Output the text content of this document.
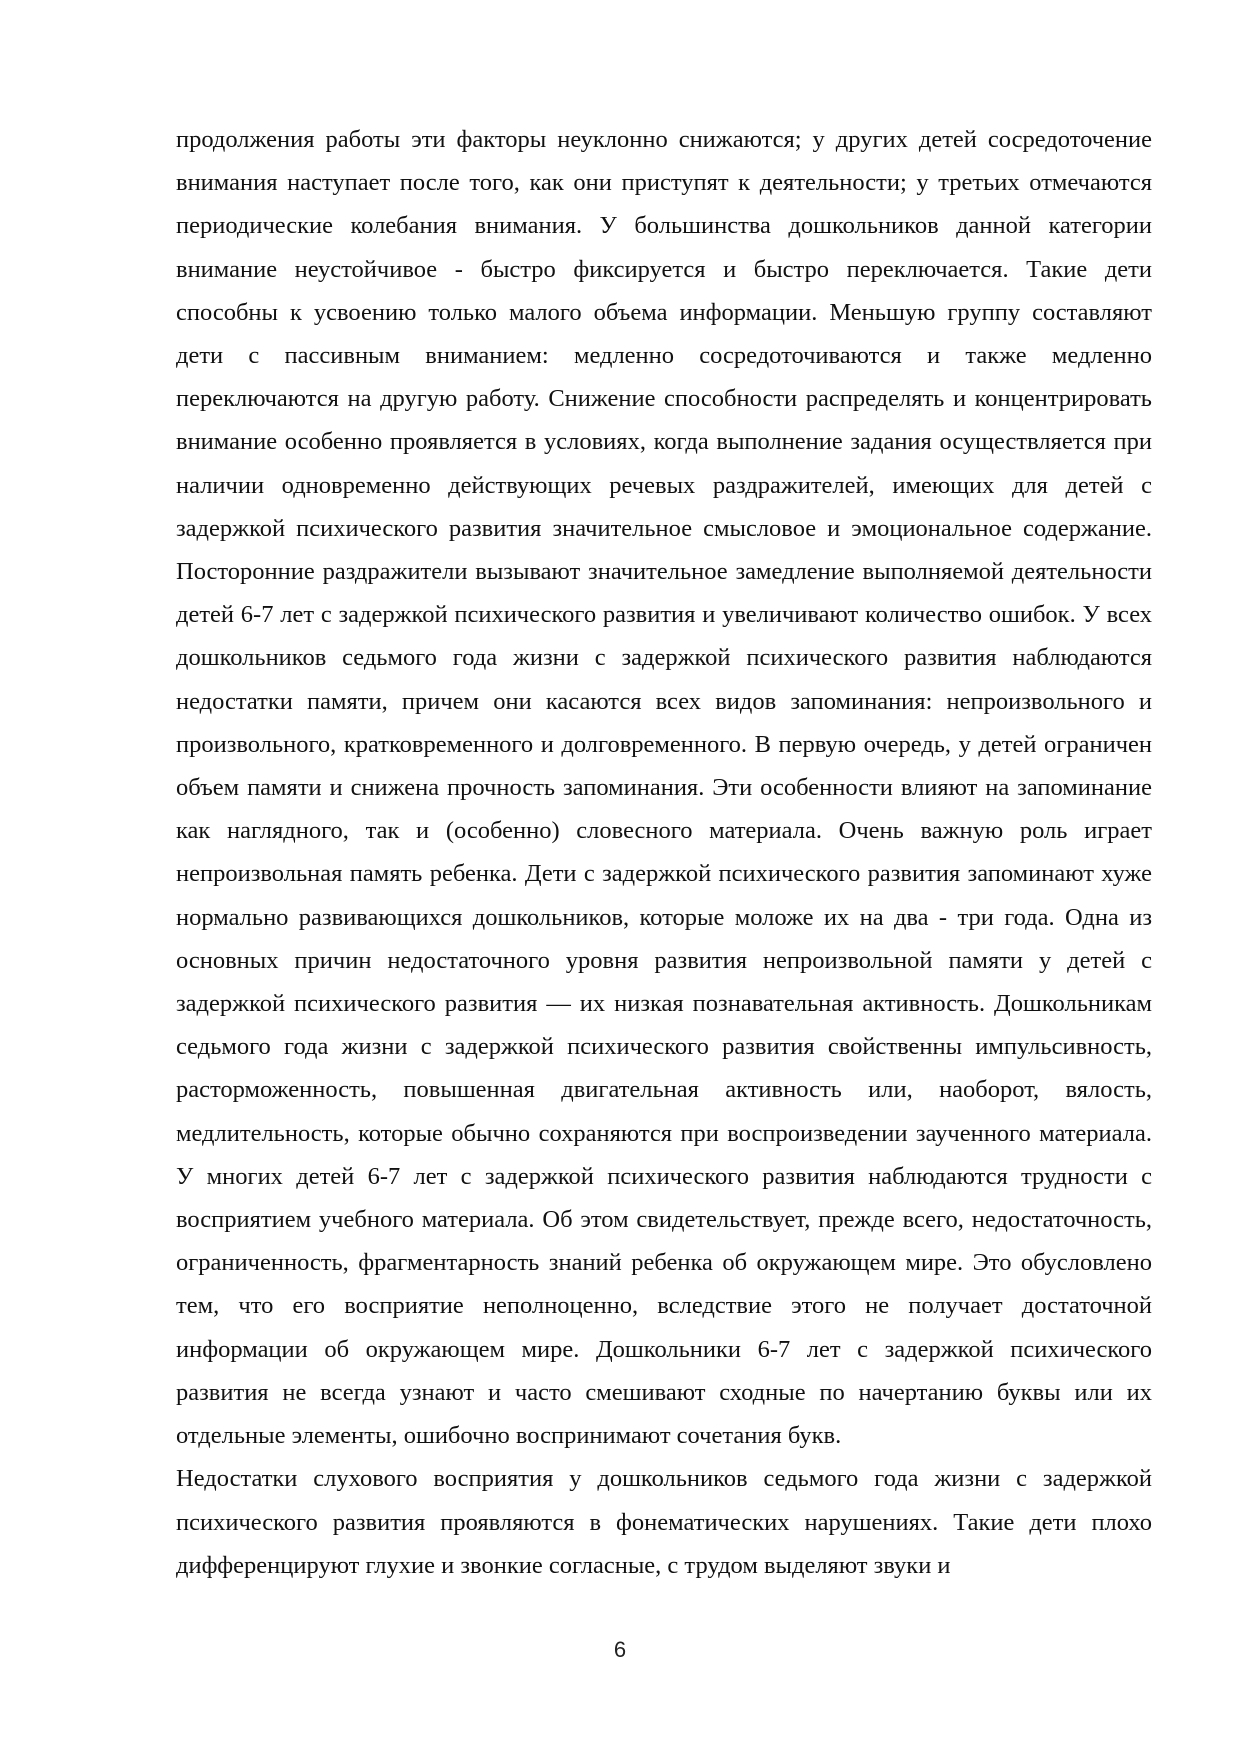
продолжения работы эти факторы неуклонно снижаются; у других детей сосредоточение внимания наступает после того, как они приступят к деятельности; у третьих отмечаются периодические колебания внимания. У большинства дошкольников данной категории внимание неустойчивое - быстро фиксируется и быстро переключается. Такие дети способны к усвоению только малого объема информации. Меньшую группу составляют дети с пассивным вниманием: медленно сосредоточиваются и также медленно переключаются на другую работу. Снижение способности распределять и концентрировать внимание особенно проявляется в условиях, когда выполнение задания осуществляется при наличии одновременно действующих речевых раздражителей, имеющих для детей с задержкой психического развития значительное смысловое и эмоциональное содержание. Посторонние раздражители вызывают значительное замедление выполняемой деятельности детей 6-7 лет с задержкой психического развития и увеличивают количество ошибок. У всех дошкольников седьмого года жизни с задержкой психического развития наблюдаются недостатки памяти, причем они касаются всех видов запоминания: непроизвольного и произвольного, кратковременного и долговременного. В первую очередь, у детей ограничен объем памяти и снижена прочность запоминания. Эти особенности влияют на запоминание как наглядного, так и (особенно) словесного материала. Очень важную роль играет непроизвольная память ребенка. Дети с задержкой психического развития запоминают хуже нормально развивающихся дошкольников, которые моложе их на два - три года. Одна из основных причин недостаточного уровня развития непроизвольной памяти у детей с задержкой психического развития — их низкая познавательная активность. Дошкольникам седьмого года жизни с задержкой психического развития свойственны импульсивность, расторможенность, повышенная двигательная активность или, наоборот, вялость, медлительность, которые обычно сохраняются при воспроизведении заученного материала. У многих детей 6-7 лет с задержкой психического развития наблюдаются трудности с восприятием учебного материала. Об этом свидетельствует, прежде всего, недостаточность, ограниченность, фрагментарность знаний ребенка об окружающем мире. Это обусловлено тем, что его восприятие неполноценно, вследствие этого не получает достаточной информации об окружающем мире. Дошкольники 6-7 лет с задержкой психического развития не всегда узнают и часто смешивают сходные по начертанию буквы или их отдельные элементы, ошибочно воспринимают сочетания букв.

Недостатки слухового восприятия у дошкольников седьмого года жизни с задержкой психического развития проявляются в фонематических нарушениях. Такие дети плохо дифференцируют глухие и звонкие согласные, с трудом выделяют звуки и

6
